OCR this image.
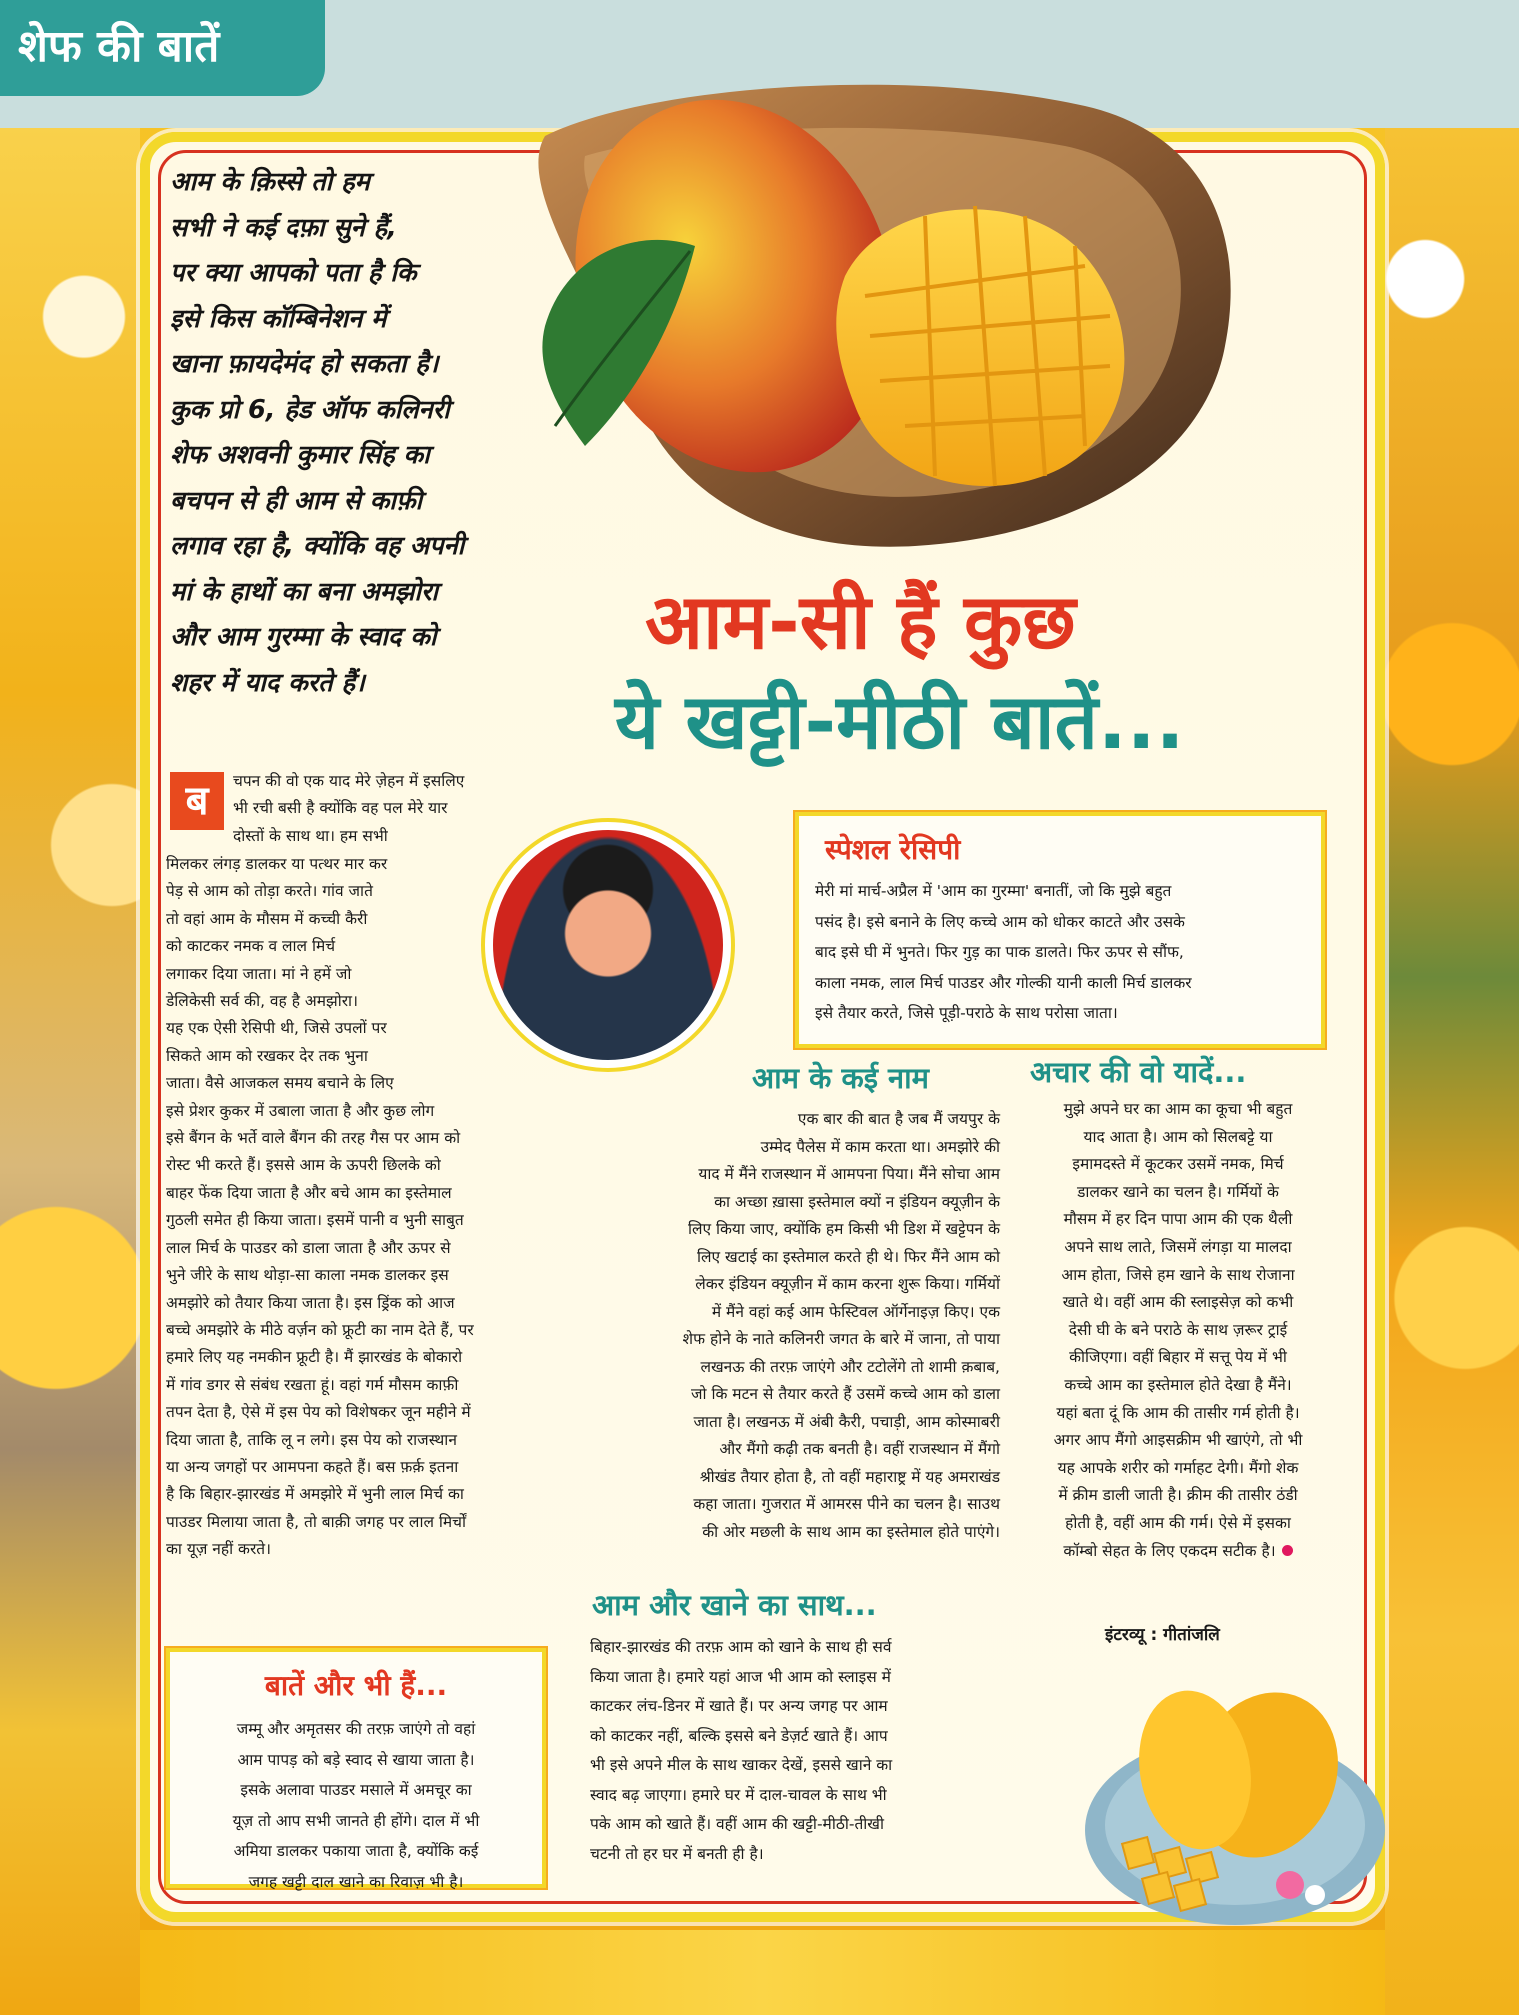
शेफ की बातें
आम के क़िस्से तो हम
सभी ने कई दफ़ा सुने हैं,
पर क्या आपको पता है कि
इसे किस कॉम्बिनेशन में
खाना फ़ायदेमंद हो सकता है।
कुक प्रो 6, हेड ऑफ कलिनरी
शेफ अशवनी कुमार सिंह का
बचपन से ही आम से काफ़ी
लगाव रहा है, क्योंकि वह अपनी
मां के हाथों का बना अमझोरा
और आम गुरम्मा के स्वाद को
शहर में याद करते हैं।
आम-सी हैं कुछ
ये खट्टी-मीठी बातें...
ब	चपन की वो एक याद मेरे ज़ेहन में इसलिए
भी रची बसी है क्योंकि वह पल मेरे यार
दोस्तों के साथ था। हम सभी

मिलकर लंगड़ डालकर या पत्थर मार कर
पेड़ से आम को तोड़ा करते। गांव जाते
तो वहां आम के मौसम में कच्ची कैरी
को काटकर नमक व लाल मिर्च
लगाकर दिया जाता। मां ने हमें जो
डेलिकेसी सर्व की, वह है अमझोरा।
यह एक ऐसी रेसिपी थी, जिसे उपलों पर
सिकते आम को रखकर देर तक भुना
जाता। वैसे आजकल समय बचाने के लिए
इसे प्रेशर कुकर में उबाला जाता है और कुछ लोग
इसे बैंगन के भर्ते वाले बैंगन की तरह गैस पर आम को
रोस्ट भी करते हैं। इससे आम के ऊपरी छिलके को
बाहर फेंक दिया जाता है और बचे आम का इस्तेमाल
गुठली समेत ही किया जाता। इसमें पानी व भुनी साबुत
लाल मिर्च के पाउडर को डाला जाता है और ऊपर से
भुने जीरे के साथ थोड़ा-सा काला नमक डालकर इस
अमझोरे को तैयार किया जाता है। इस ड्रिंक को आज
बच्चे अमझोरे के मीठे वर्ज़न को फ्रूटी का नाम देते हैं, पर
हमारे लिए यह नमकीन फ्रूटी है। मैं झारखंड के बोकारो
में गांव डगर से संबंध रखता हूं। वहां गर्म मौसम काफ़ी
तपन देता है, ऐसे में इस पेय को विशेषकर जून महीने में
दिया जाता है, ताकि लू न लगे। इस पेय को राजस्थान
या अन्य जगहों पर आमपना कहते हैं। बस फ़र्क़ इतना
है कि बिहार-झारखंड में अमझोरे में भुनी लाल मिर्च का
पाउडर मिलाया जाता है, तो बाक़ी जगह पर लाल मिर्चों
का यूज़ नहीं करते।

स्पेशल रेसिपी

मेरी मां मार्च-अप्रैल में 'आम का गुरम्मा' बनातीं, जो कि मुझे बहुत
पसंद है। इसे बनाने के लिए कच्चे आम को धोकर काटते और उसके
बाद इसे घी में भुनते। फिर गुड़ का पाक डालते। फिर ऊपर से सौंफ,
काला नमक, लाल मिर्च पाउडर और गोल्की यानी काली मिर्च डालकर
इसे तैयार करते, जिसे पूड़ी-पराठे के साथ परोसा जाता।

आम के कई नाम

एक बार की बात है जब मैं जयपुर के
उम्मेद पैलेस में काम करता था। अमझोरे की
याद में मैंने राजस्थान में आमपना पिया। मैंने सोचा आम
का अच्छा ख़ासा इस्तेमाल क्यों न इंडियन क्यूज़ीन के
लिए किया जाए, क्योंकि हम किसी भी डिश में खट्टेपन के
लिए खटाई का इस्तेमाल करते ही थे। फिर मैंने आम को
लेकर इंडियन क्यूज़ीन में काम करना शुरू किया। गर्मियों
में मैंने वहां कई आम फेस्टिवल ऑर्गेनाइज़ किए। एक
शेफ होने के नाते कलिनरी जगत के बारे में जाना, तो पाया
लखनऊ की तरफ़ जाएंगे और टटोलेंगे तो शामी क़बाब,
जो कि मटन से तैयार करते हैं उसमें कच्चे आम को डाला
जाता है। लखनऊ में अंबी कैरी, पचाड़ी, आम कोस्माबरी
और मैंगो कढ़ी तक बनती है। वहीं राजस्थान में मैंगो
श्रीखंड तैयार होता है, तो वहीं महाराष्ट्र में यह अमराखंड
कहा जाता। गुजरात में आमरस पीने का चलन है। साउथ
की ओर मछली के साथ आम का इस्तेमाल होते पाएंगे।

अचार की वो यादें...

मुझे अपने घर का आम का कूचा भी बहुत
याद आता है। आम को सिलबट्टे या
इमामदस्ते में कूटकर उसमें नमक, मिर्च
डालकर खाने का चलन है। गर्मियों के
मौसम में हर दिन पापा आम की एक थैली
अपने साथ लाते, जिसमें लंगड़ा या मालदा
आम होता, जिसे हम खाने के साथ रोजाना
खाते थे। वहीं आम की स्लाइसेज़ को कभी
देसी घी के बने पराठे के साथ ज़रूर ट्राई
कीजिएगा। वहीं बिहार में सत्तू पेय में भी
कच्चे आम का इस्तेमाल होते देखा है मैंने।
यहां बता दूं कि आम की तासीर गर्म होती है।
अगर आप मैंगो आइसक्रीम भी खाएंगे, तो भी
यह आपके शरीर को गर्माहट देगी। मैंगो शेक
में क्रीम डाली जाती है। क्रीम की तासीर ठंडी
होती है, वहीं आम की गर्म। ऐसे में इसका
कॉम्बो सेहत के लिए एकदम सटीक है।

इंटरव्यू : गीतांजलि
आम और खाने का साथ...

बिहार-झारखंड की तरफ़ आम को खाने के साथ ही सर्व
किया जाता है। हमारे यहां आज भी आम को स्लाइस में
काटकर लंच-डिनर में खाते हैं। पर अन्य जगह पर आम
को काटकर नहीं, बल्कि इससे बने डेज़र्ट खाते हैं। आप
भी इसे अपने मील के साथ खाकर देखें, इससे खाने का
स्वाद बढ़ जाएगा। हमारे घर में दाल-चावल के साथ भी
पके आम को खाते हैं। वहीं आम की खट्टी-मीठी-तीखी
चटनी तो हर घर में बनती ही है।

बातें और भी हैं...

जम्मू और अमृतसर की तरफ़ जाएंगे तो वहां
आम पापड़ को बड़े स्वाद से खाया जाता है।
इसके अलावा पाउडर मसाले में अमचूर का
यूज़ तो आप सभी जानते ही होंगे। दाल में भी
अमिया डालकर पकाया जाता है, क्योंकि कई
जगह खट्टी दाल खाने का रिवाज़ भी है।
